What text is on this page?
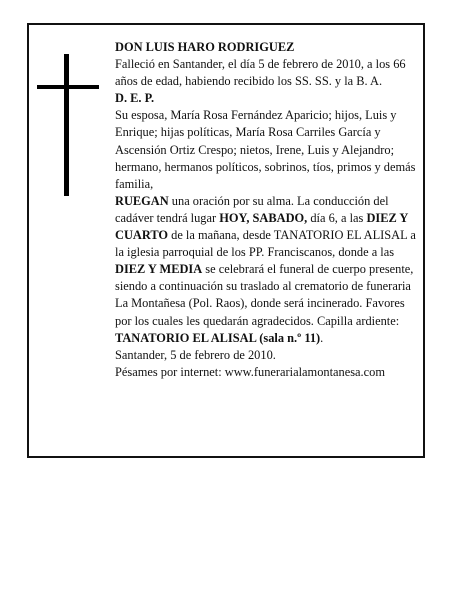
DON LUIS HARO RODRIGUEZ

Falleció en Santander, el día 5 de febrero de 2010, a los 66 años de edad, habiendo recibido los SS. SS. y la B. A.

D. E. P.

Su esposa, María Rosa Fernández Aparicio; hijos, Luis y Enrique; hijas políticas, María Rosa Carriles García y Ascensión Ortiz Crespo; nietos, Irene, Luis y Alejandro; hermano, hermanos políticos, sobrinos, tíos, primos y demás familia,

RUEGAN una oración por su alma. La conducción del cadáver tendrá lugar HOY, SABADO, día 6, a las DIEZ Y CUARTO de la mañana, desde TANATORIO EL ALISAL a la iglesia parroquial de los PP. Franciscanos, donde a las DIEZ Y MEDIA se celebrará el funeral de cuerpo presente, siendo a continuación su traslado al crematorio de funeraria La Montañesa (Pol. Raos), donde será incinerado. Favores por los cuales les quedarán agradecidos. Capilla ardiente: TANATORIO EL ALISAL (sala n.º 11).

Santander, 5 de febrero de 2010.

Pésames por internet: www.funerarialamontanesa.com
